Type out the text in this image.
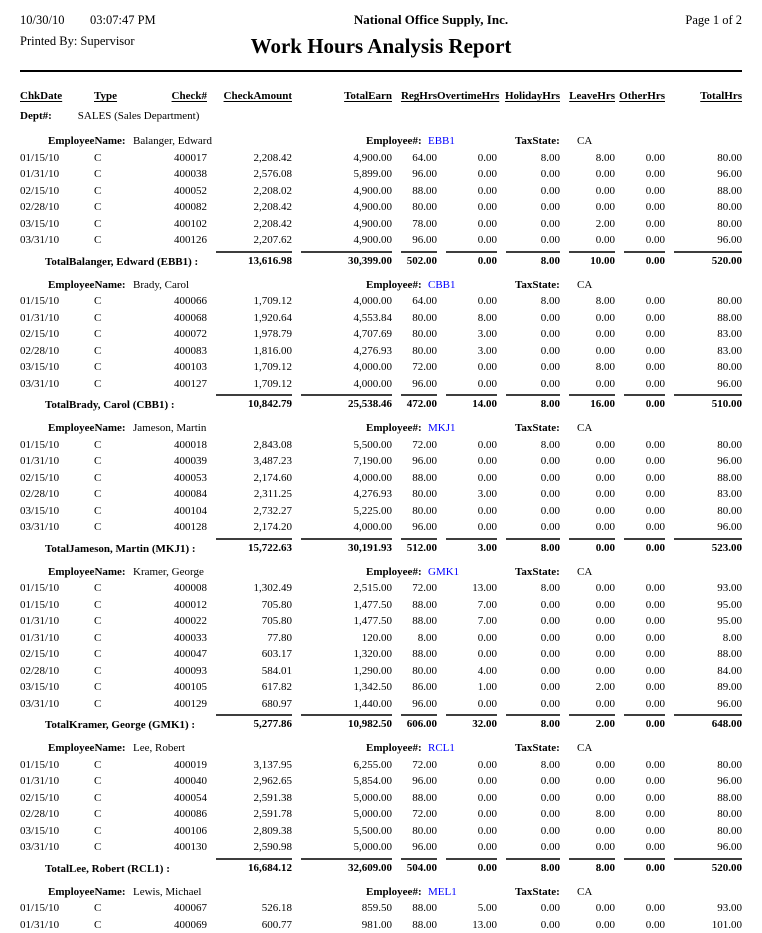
10/30/10	03:07:47 PM	National Office Supply, Inc.	Page 1 of 2
Printed By: Supervisor	Work Hours Analysis Report
ChkDate	Type	Check#	CheckAmount	TotalEarn RegHrs OvertimeHrs HolidayHrs LeaveHrs OtherHrs	TotalHrs
Dept#: SALES (Sales Department)
EmployeeName: Balanger, Edward	Employee#: EBB1	TaxState: CA
01/15/10	C	400017	2,208.42	4,900.00	64.00	0.00	8.00	8.00	0.00	80.00
01/31/10	C	400038	2,576.08	5,899.00	96.00	0.00	0.00	0.00	0.00	96.00
02/15/10	C	400052	2,208.02	4,900.00	88.00	0.00	0.00	0.00	0.00	88.00
02/28/10	C	400082	2,208.42	4,900.00	80.00	0.00	0.00	0.00	0.00	80.00
03/15/10	C	400102	2,208.42	4,900.00	78.00	0.00	0.00	2.00	0.00	80.00
03/31/10	C	400126	2,207.62	4,900.00	96.00	0.00	0.00	0.00	0.00	96.00
TotalBalanger, Edward (EBB1) :	13,616.98	30,399.00	502.00	0.00	8.00	10.00	0.00	520.00
EmployeeName: Brady, Carol	Employee#: CBB1	TaxState: CA
01/15/10	C	400066	1,709.12	4,000.00	64.00	0.00	8.00	8.00	0.00	80.00
01/31/10	C	400068	1,920.64	4,553.84	80.00	8.00	0.00	0.00	0.00	88.00
02/15/10	C	400072	1,978.79	4,707.69	80.00	3.00	0.00	0.00	0.00	83.00
02/28/10	C	400083	1,816.00	4,276.93	80.00	3.00	0.00	0.00	0.00	83.00
03/15/10	C	400103	1,709.12	4,000.00	72.00	0.00	0.00	8.00	0.00	80.00
03/31/10	C	400127	1,709.12	4,000.00	96.00	0.00	0.00	0.00	0.00	96.00
TotalBrady, Carol (CBB1) :	10,842.79	25,538.46	472.00	14.00	8.00	16.00	0.00	510.00
EmployeeName: Jameson, Martin	Employee#: MKJ1	TaxState: CA
01/15/10	C	400018	2,843.08	5,500.00	72.00	0.00	8.00	0.00	0.00	80.00
01/31/10	C	400039	3,487.23	7,190.00	96.00	0.00	0.00	0.00	0.00	96.00
02/15/10	C	400053	2,174.60	4,000.00	88.00	0.00	0.00	0.00	0.00	88.00
02/28/10	C	400084	2,311.25	4,276.93	80.00	3.00	0.00	0.00	0.00	83.00
03/15/10	C	400104	2,732.27	5,225.00	80.00	0.00	0.00	0.00	0.00	80.00
03/31/10	C	400128	2,174.20	4,000.00	96.00	0.00	0.00	0.00	0.00	96.00
TotalJameson, Martin (MKJ1) :	15,722.63	30,191.93	512.00	3.00	8.00	0.00	0.00	523.00
EmployeeName: Kramer, George	Employee#: GMK1	TaxState: CA
01/15/10	C	400008	1,302.49	2,515.00	72.00	13.00	8.00	0.00	0.00	93.00
01/15/10	C	400012	705.80	1,477.50	88.00	7.00	0.00	0.00	0.00	95.00
01/31/10	C	400022	705.80	1,477.50	88.00	7.00	0.00	0.00	0.00	95.00
01/31/10	C	400033	77.80	120.00	8.00	0.00	0.00	0.00	0.00	8.00
02/15/10	C	400047	603.17	1,320.00	88.00	0.00	0.00	0.00	0.00	88.00
02/28/10	C	400093	584.01	1,290.00	80.00	4.00	0.00	0.00	0.00	84.00
03/15/10	C	400105	617.82	1,342.50	86.00	1.00	0.00	2.00	0.00	89.00
03/31/10	C	400129	680.97	1,440.00	96.00	0.00	0.00	0.00	0.00	96.00
TotalKramer, George (GMK1) :	5,277.86	10,982.50	606.00	32.00	8.00	2.00	0.00	648.00
EmployeeName: Lee, Robert	Employee#: RCL1	TaxState: CA
01/15/10	C	400019	3,137.95	6,255.00	72.00	0.00	8.00	0.00	0.00	80.00
01/31/10	C	400040	2,962.65	5,854.00	96.00	0.00	0.00	0.00	0.00	96.00
02/15/10	C	400054	2,591.38	5,000.00	88.00	0.00	0.00	0.00	0.00	88.00
02/28/10	C	400086	2,591.78	5,000.00	72.00	0.00	0.00	8.00	0.00	80.00
03/15/10	C	400106	2,809.38	5,500.00	80.00	0.00	0.00	0.00	0.00	80.00
03/31/10	C	400130	2,590.98	5,000.00	96.00	0.00	0.00	0.00	0.00	96.00
TotalLee, Robert (RCL1) :	16,684.12	32,609.00	504.00	0.00	8.00	8.00	0.00	520.00
EmployeeName: Lewis, Michael	Employee#: MEL1	TaxState: CA
01/15/10	C	400067	526.18	859.50	88.00	5.00	0.00	0.00	0.00	93.00
01/31/10	C	400069	600.77	981.00	88.00	13.00	0.00	0.00	0.00	101.00
